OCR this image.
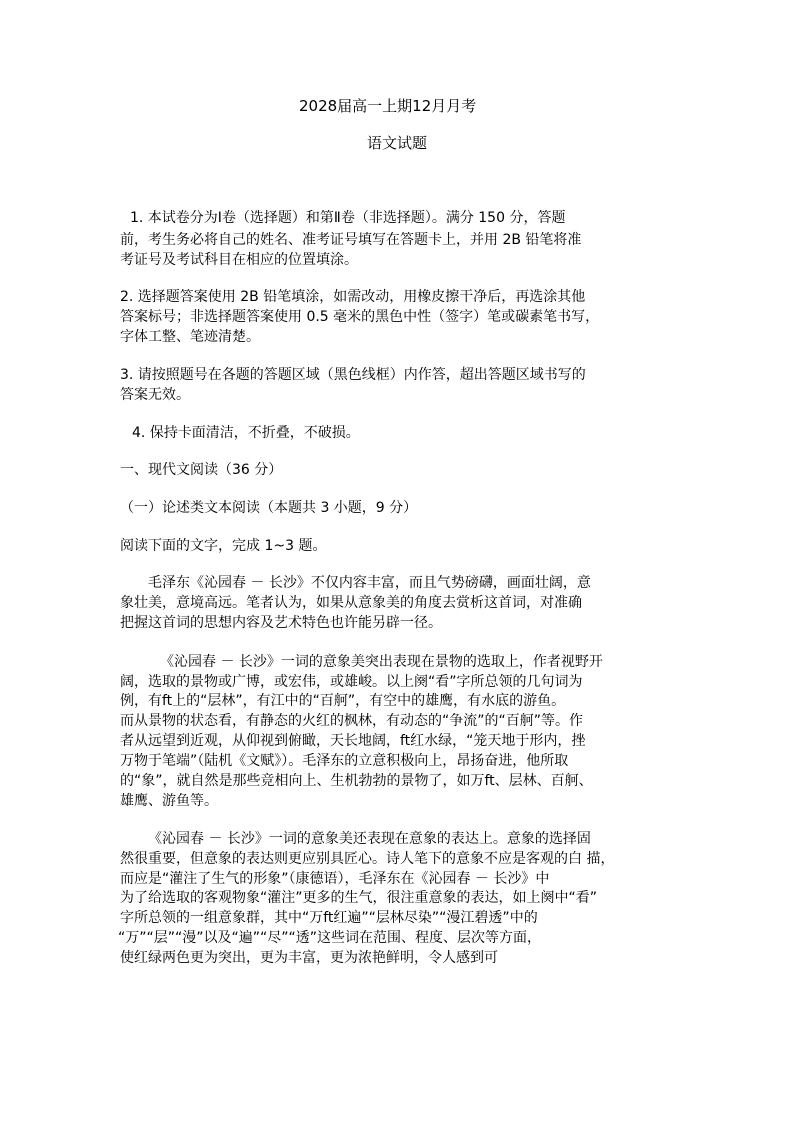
2028届高一上期12月月考

语文试题

1. 本试卷分为Ⅰ卷（选择题）和第Ⅱ卷（非选择题）。满分 150 分，答题

前，考生务必将自己的姓名、准考证号填写在答题卡上，并用 2B 铅笔将准

考证号及考试科目在相应的位置填涂。

2. 选择题答案使用 2B 铅笔填涂，如需改动，用橡皮擦干净后，再选涂其他

答案标号；非选择题答案使用 0.5 毫米的黑色中性（签字）笔或碳素笔书写，

字体工整、笔迹清楚。

3. 请按照题号在各题的答题区域（黑色线框）内作答，超出答题区域书写的

答案无效。

4. 保持卡面清洁，不折叠，不破损。

一、现代文阅读（36 分）

（一）论述类文本阅读（本题共 3 小题，9 分）

阅读下面的文字，完成 1~3 题。

毛泽东《沁园春 － 长沙》不仅内容丰富，而且气势磅礴，画面壮阔，意

象壮美，意境高远。笔者认为，如果从意象美的角度去赏析这首词，对准确

把握这首词的思想内容及艺术特色也许能另辟一径。

《沁园春 － 长沙》一词的意象美突出表现在景物的选取上，作者视野开

阔，选取的景物或广博，或宏伟，或雄峻。以上阕“看”字所总领的几句词为

例，有ft上的“层林”，有江中的“百舸”，有空中的雄鹰，有水底的游鱼。

而从景物的状态看，有静态的火红的枫林，有动态的“争流”的“百舸”等。作

者从远望到近观，从仰视到俯瞰，天长地阔，ft红水绿，“笼天地于形内，挫

万物于笔端”（陆机《文赋》）。毛泽东的立意积极向上，昂扬奋进，他所取

的“象”，就自然是那些竞相向上、生机勃勃的景物了，如万ft、层林、百舸、

雄鹰、游鱼等。

《沁园春 － 长沙》一词的意象美还表现在意象的表达上。意象的选择固

然很重要，但意象的表达则更应别具匠心。诗人笔下的意象不应是客观的白 描，

而应是“灌注了生气的形象”（康德语），毛泽东在《沁园春 － 长沙》中

为了给选取的客观物象“灌注”更多的生气，很注重意象的表达，如上阕中“看”

字所总领的一组意象群，其中“万ft红遍”“层林尽染”“漫江碧透”中的

“万”“层”“漫”以及“遍”“尽”“透”这些词在范围、程度、层次等方面，

使红绿两色更为突出，更为丰富，更为浓艳鲜明，令人感到可
